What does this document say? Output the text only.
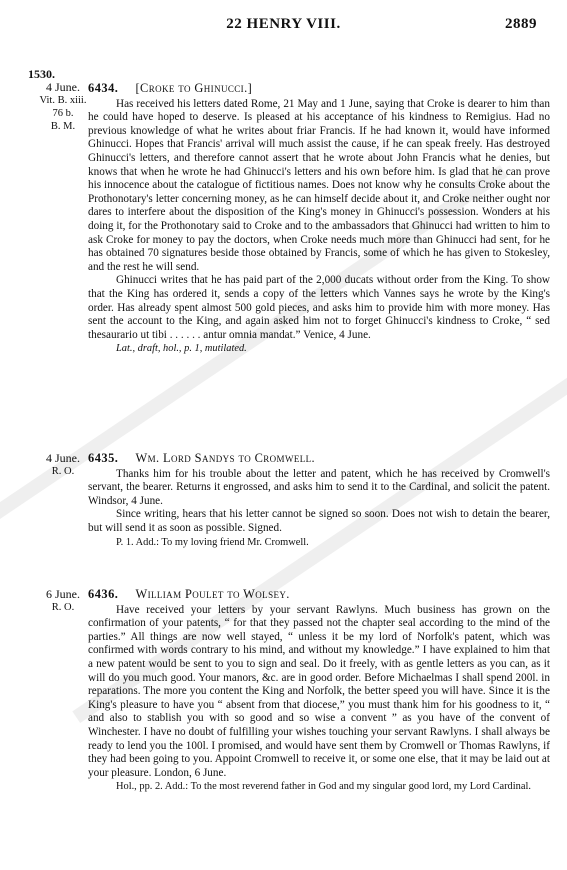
22 HENRY VIII.	2889
1530.
4 June.
Vit. B. xiii.
76 b.
B. M.
6434. [Croke to Ghinucci.]

Has received his letters dated Rome, 21 May and 1 June, saying that Croke is dearer to him than he could have hoped to deserve. Is pleased at his acceptance of his kindness to Remigius. Had no previous knowledge of what he writes about friar Francis. If he had known it, would have informed Ghinucci. Hopes that Francis' arrival will much assist the cause, if he can speak freely. Has destroyed Ghinucci's letters, and therefore cannot assert that he wrote about John Francis what he denies, but knows that when he wrote he had Ghinucci's letters and his own before him. Is glad that he can prove his innocence about the catalogue of fictitious names. Does not know why he consults Croke about the Prothonotary's letter concerning money, as he can himself decide about it, and Croke neither ought nor dares to interfere about the disposition of the King's money in Ghinucci's possession. Wonders at his doing it, for the Prothonotary said to Croke and to the ambassadors that Ghinucci had written to him to ask Croke for money to pay the doctors, when Croke needs much more than Ghinucci had sent, for he has obtained 70 signatures beside those obtained by Francis, some of which he has given to Stokesley, and the rest he will send.

Ghinucci writes that he has paid part of the 2,000 ducats without order from the King. To show that the King has ordered it, sends a copy of the letters which Vannes says he wrote by the King's order. Has already spent almost 500 gold pieces, and asks him to provide him with more money. Has sent the account to the King, and again asked him not to forget Ghinucci's kindness to Croke, “ sed thesaurario ut tibi . . . . . . antur omnia mandat.” Venice, 4 June.

Lat., draft, hol., p. 1, mutilated.

4 June.
R. O.
6435. Wm. Lord Sandys to Cromwell.

Thanks him for his trouble about the letter and patent, which he has received by Cromwell's servant, the bearer. Returns it engrossed, and asks him to send it to the Cardinal, and solicit the patent. Windsor, 4 June.

Since writing, hears that his letter cannot be signed so soon. Does not wish to detain the bearer, but will send it as soon as possible. Signed.

P. 1. Add.: To my loving friend Mr. Cromwell.

6 June.
R. O.
6436. William Poulet to Wolsey.

Have received your letters by your servant Rawlyns. Much business has grown on the confirmation of your patents, “ for that they passed not the chapter seal according to the mind of the parties.” All things are now well stayed, “ unless it be my lord of Norfolk's patent, which was confirmed with words contrary to his mind, and without my knowledge.” I have explained to him that a new patent would be sent to you to sign and seal. Do it freely, with as gentle letters as you can, as it will do you much good. Your manors, &c. are in good order. Before Michaelmas I shall spend 200l. in reparations. The more you content the King and Norfolk, the better speed you will have. Since it is the King's pleasure to have you “ absent from that diocese,” you must thank him for his goodness to it, “ and also to stablish you with so good and so wise a convent ” as you have of the convent of Winchester. I have no doubt of fulfilling your wishes touching your servant Rawlyns. I shall always be ready to lend you the 100l. I promised, and would have sent them by Cromwell or Thomas Rawlyns, if they had been going to you. Appoint Cromwell to receive it, or some one else, that it may be laid out at your pleasure. London, 6 June.

Hol., pp. 2. Add.: To the most reverend father in God and my singular good lord, my Lord Cardinal.
